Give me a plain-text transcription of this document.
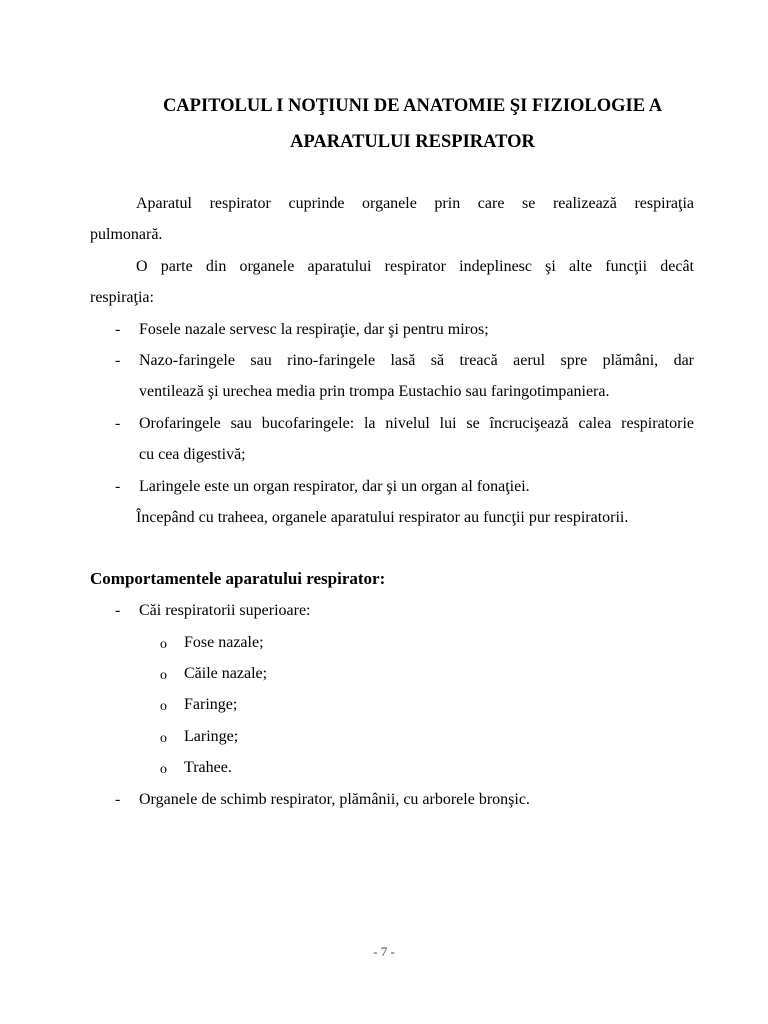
CAPITOLUL I NOŢIUNI DE ANATOMIE ŞI FIZIOLOGIE A
APARATULUI RESPIRATOR
Aparatul respirator cuprinde organele prin care se realizează respiraţia
pulmonară.
O parte din organele aparatului respirator indeplinesc şi alte funcţii decât
respiraţia:
- Fosele nazale servesc la respiraţie, dar şi pentru miros;
- Nazo-faringele sau rino-faringele lasă să treacă aerul spre plămâni, dar
ventilează şi urechea media prin trompa Eustachio sau faringotimpaniera.
- Orofaringele sau bucofaringele: la nivelul lui se încrucişează calea respiratorie
cu cea digestivă;
- Laringele este un organ respirator, dar şi un organ al fonaţiei.
Începând cu traheea, organele aparatului respirator au funcţii pur respiratorii.
Comportamentele aparatului respirator:
- Căi respiratorii superioare:
o Fose nazale;
o Căile nazale;
o Faringe;
o Laringe;
o Trahee.
- Organele de schimb respirator, plămânii, cu arborele bronşic.
- 7 -
